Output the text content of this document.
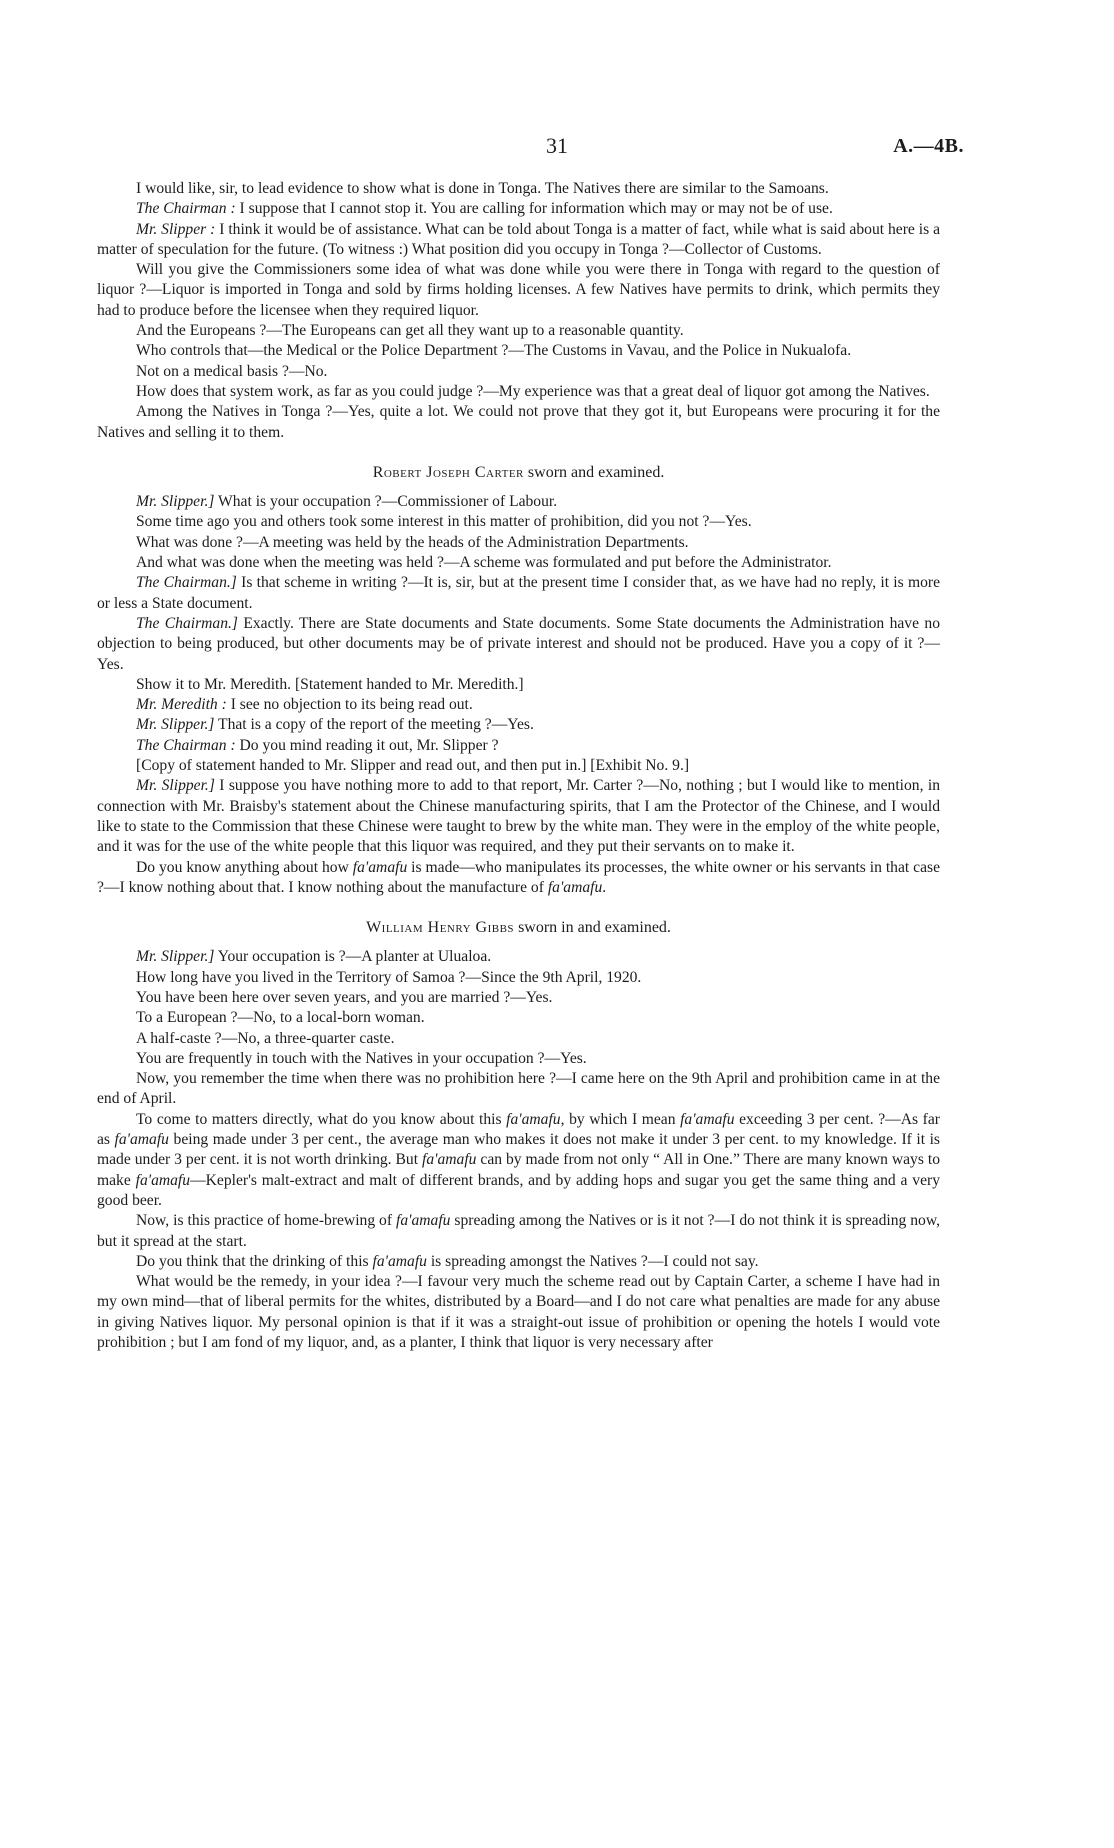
31	A.—4B.

I would like, sir, to lead evidence to show what is done in Tonga. The Natives there are similar to the Samoans.

The Chairman : I suppose that I cannot stop it. You are calling for information which may or may not be of use.

Mr. Slipper : I think it would be of assistance. What can be told about Tonga is a matter of fact, while what is said about here is a matter of speculation for the future. (To witness :) What position did you occupy in Tonga ?—Collector of Customs.

Will you give the Commissioners some idea of what was done while you were there in Tonga with regard to the question of liquor ?—Liquor is imported in Tonga and sold by firms holding licenses. A few Natives have permits to drink, which permits they had to produce before the licensee when they required liquor.

And the Europeans ?—The Europeans can get all they want up to a reasonable quantity.

Who controls that—the Medical or the Police Department ?—The Customs in Vavau, and the Police in Nukualofa.

Not on a medical basis ?—No.

How does that system work, as far as you could judge ?—My experience was that a great deal of liquor got among the Natives.

Among the Natives in Tonga ?—Yes, quite a lot. We could not prove that they got it, but Europeans were procuring it for the Natives and selling it to them.

Robert Joseph Carter sworn and examined.

Mr. Slipper.] What is your occupation ?—Commissioner of Labour.

Some time ago you and others took some interest in this matter of prohibition, did you not ?—Yes.

What was done ?—A meeting was held by the heads of the Administration Departments.

And what was done when the meeting was held ?—A scheme was formulated and put before the Administrator.

The Chairman.] Is that scheme in writing ?—It is, sir, but at the present time I consider that, as we have had no reply, it is more or less a State document.

The Chairman.] Exactly. There are State documents and State documents. Some State documents the Administration have no objection to being produced, but other documents may be of private interest and should not be produced. Have you a copy of it ?—Yes.

Show it to Mr. Meredith. [Statement handed to Mr. Meredith.]

Mr. Meredith : I see no objection to its being read out.

Mr. Slipper.] That is a copy of the report of the meeting ?—Yes.

The Chairman : Do you mind reading it out, Mr. Slipper ?

[Copy of statement handed to Mr. Slipper and read out, and then put in.] [Exhibit No. 9.]

Mr. Slipper.] I suppose you have nothing more to add to that report, Mr. Carter ?—No, nothing ; but I would like to mention, in connection with Mr. Braisby's statement about the Chinese manufacturing spirits, that I am the Protector of the Chinese, and I would like to state to the Commission that these Chinese were taught to brew by the white man. They were in the employ of the white people, and it was for the use of the white people that this liquor was required, and they put their servants on to make it.

Do you know anything about how fa'amafu is made—who manipulates its processes, the white owner or his servants in that case ?—I know nothing about that. I know nothing about the manufacture of fa'amafu.

William Henry Gibbs sworn in and examined.

Mr. Slipper.] Your occupation is ?—A planter at Ulualoa.

How long have you lived in the Territory of Samoa ?—Since the 9th April, 1920.

You have been here over seven years, and you are married ?—Yes.

To a European ?—No, to a local-born woman.

A half-caste ?—No, a three-quarter caste.

You are frequently in touch with the Natives in your occupation ?—Yes.

Now, you remember the time when there was no prohibition here ?—I came here on the 9th April and prohibition came in at the end of April.

To come to matters directly, what do you know about this fa'amafu, by which I mean fa'amafu exceeding 3 per cent. ?—As far as fa'amafu being made under 3 per cent., the average man who makes it does not make it under 3 per cent. to my knowledge. If it is made under 3 per cent. it is not worth drinking. But fa'amafu can by made from not only “ All in One.” There are many known ways to make fa'amafu—Kepler's malt-extract and malt of different brands, and by adding hops and sugar you get the same thing and a very good beer.

Now, is this practice of home-brewing of fa'amafu spreading among the Natives or is it not ?—I do not think it is spreading now, but it spread at the start.

Do you think that the drinking of this fa'amafu is spreading amongst the Natives ?—I could not say.

What would be the remedy, in your idea ?—I favour very much the scheme read out by Captain Carter, a scheme I have had in my own mind—that of liberal permits for the whites, distributed by a Board—and I do not care what penalties are made for any abuse in giving Natives liquor. My personal opinion is that if it was a straight-out issue of prohibition or opening the hotels I would vote prohibition ; but I am fond of my liquor, and, as a planter, I think that liquor is very necessary after
